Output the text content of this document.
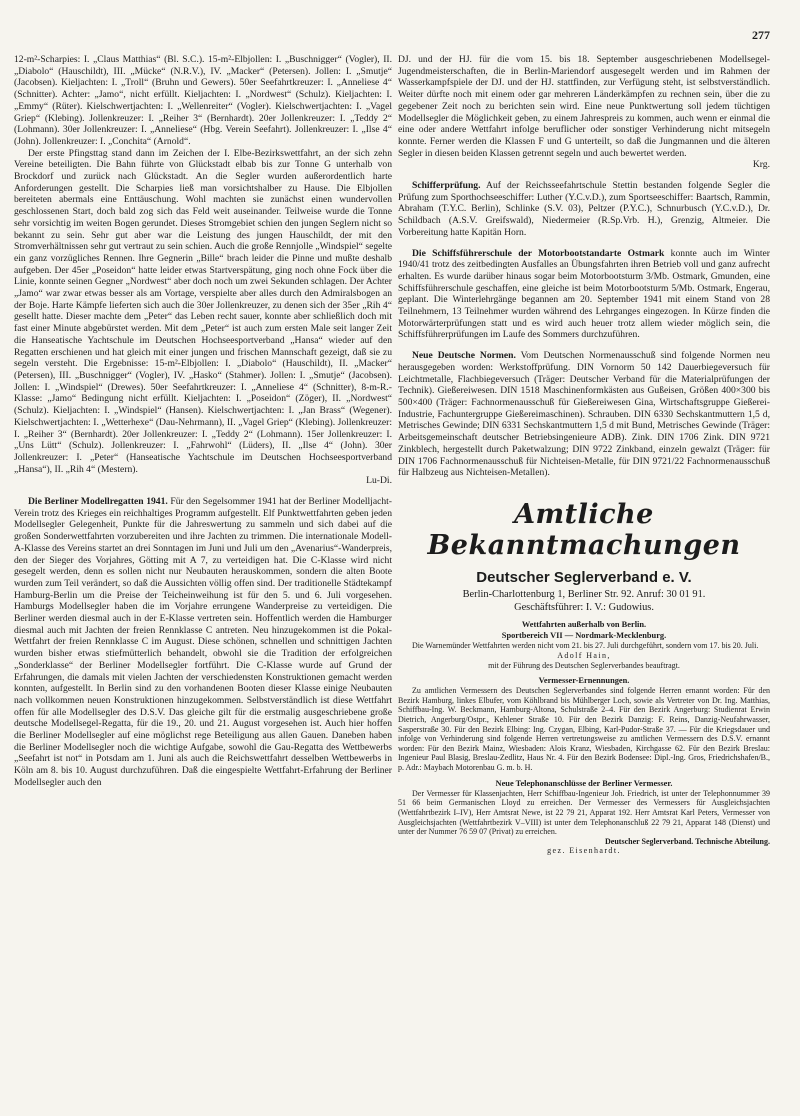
277

12-m²-Scharpies: I. „Claus Matthias“ (Bl. S.C.). 15-m²-Elbjollen: I. „Buschnigger“ (Vogler), II. „Diabolo“ (Hauschildt), III. „Mücke“ (N.R.V.), IV. „Macker“ (Petersen). Jollen: I. „Smutje“ (Jacobsen). Kieljachten: I. „Troll“ (Bruhn und Gewers). 50er Seefahrtkreuzer: I. „Anneliese 4“ (Schnitter). Achter: „Jamo“, nicht erfüllt. Kieljachten: I. „Nordwest“ (Schulz). Kieljachten: I. „Emmy“ (Rüter). Kielschwertjachten: I. „Wellenreiter“ (Vogler). Kielschwertjachten: I. „Vagel Griep“ (Klebing). Jollenkreuzer: I. „Reiher 3“ (Bernhardt). 20er Jollenkreuzer: I. „Teddy 2“ (Lohmann). 30er Jollenkreuzer: I. „Anneliese“ (Hbg. Verein Seefahrt). Jollenkreuzer: I. „Ilse 4“ (John). Jollenkreuzer: I. „Conchita“ (Arnold“.

Der erste Pfingsttag stand dann im Zeichen der I. Elbe-Bezirkswettfahrt, an der sich zehn Vereine beteiligten. Die Bahn führte von Glückstadt elbab bis zur Tonne G unterhalb von Brockdorf und zurück nach Glückstadt. An die Segler wurden außerordentlich harte Anforderungen gestellt. Die Scharpies ließ man vorsichtshalber zu Hause. Die Elbjollen bereiteten abermals eine Enttäuschung. Wohl machten sie zunächst einen wundervollen geschlossenen Start, doch bald zog sich das Feld weit auseinander. Teilweise wurde die Tonne sehr vorsichtig im weiten Bogen gerundet. Dieses Stromgebiet schien den jungen Seglern nicht so bekannt zu sein. Sehr gut aber war die Leistung des jungen Hauschildt, der mit den Stromverhältnissen sehr gut vertraut zu sein schien. Auch die große Rennjolle „Windspiel“ segelte ein ganz vorzügliches Rennen. Ihre Gegnerin „Bille“ brach leider die Pinne und mußte deshalb aufgeben. Der 45er „Poseidon“ hatte leider etwas Startverspätung, ging noch ohne Fock über die Linie, konnte seinen Gegner „Nordwest“ aber doch noch um zwei Sekunden schlagen. Der Achter „Jamo“ war zwar etwas besser als am Vortage, verspielte aber alles durch den Admiralsbogen an der Boje. Harte Kämpfe lieferten sich auch die 30er Jollenkreuzer, zu denen sich der 35er „Rih 4“ gesellt hatte. Dieser machte dem „Peter“ das Leben recht sauer, konnte aber schließlich doch mit fast einer Minute abgebürstet werden. Mit dem „Peter“ ist auch zum ersten Male seit langer Zeit die Hanseatische Yachtschule im Deutschen Hochseesportverband „Hansa“ wieder auf den Regatten erschienen und hat gleich mit einer jungen und frischen Mannschaft gezeigt, daß sie zu segeln versteht. Die Ergebnisse: 15-m²-Elbjollen: I. „Diabolo“ (Hauschildt), II. „Macker“ (Petersen), III. „Buschnigger“ (Vogler), IV. „Hasko“ (Stahmer). Jollen: I. „Smutje“ (Jacobsen). Jollen: I. „Windspiel“ (Drewes). 50er Seefahrtkreuzer: I. „Anneliese 4“ (Schnitter), 8-m-R.-Klasse: „Jamo“ Bedingung nicht erfüllt. Kieljachten: I. „Poseidon“ (Zöger), II. „Nordwest“ (Schulz). Kieljachten: I. „Windspiel“ (Hansen). Kielschwertjachten: I. „Jan Brass“ (Wegener). Kielschwertjachten: I. „Wetterhexe“ (Dau-Nehrmann), II. „Vagel Griep“ (Klebing). Jollenkreuzer: I. „Reiher 3“ (Bernhardt). 20er Jollenkreuzer: I. „Teddy 2“ (Lohmann). 15er Jollenkreuzer: I. „Uns Lütt“ (Schulz). Jollenkreuzer: I. „Fahrwohl“ (Lüders), II. „Ilse 4“ (John). 30er Jollenkreuzer: I. „Peter“ (Hanseatische Yachtschule im Deutschen Hochseesportverband „Hansa“), II. „Rih 4“ (Mestern).

Lu-Di.

Die Berliner Modellregatten 1941. Für den Segelsommer 1941 hat der Berliner Modelljacht-Verein trotz des Krieges ein reichhaltiges Programm aufgestellt. Elf Punktwettfahrten geben jeden Modellsegler Gelegenheit, Punkte für die Jahreswertung zu sammeln und sich dabei auf die großen Sonderwettfahrten vorzubereiten und ihre Jachten zu trimmen. Die internationale Modell-A-Klasse des Vereins startet an drei Sonntagen im Juni und Juli um den „Avenarius“-Wanderpreis, den der Sieger des Vorjahres, Götting mit A 7, zu verteidigen hat. Die C-Klasse wird nicht gesegelt werden, denn es sollen nicht nur Neubauten herauskommen, sondern die alten Boote wurden zum Teil verändert, so daß die Aussichten völlig offen sind. Der traditionelle Städtekampf Hamburg-Berlin um die Preise der Teicheinweihung ist für den 5. und 6. Juli vorgesehen. Hamburgs Modellsegler haben die im Vorjahre errungene Wanderpreise zu verteidigen. Die Berliner werden diesmal auch in der E-Klasse vertreten sein. Hoffentlich werden die Hamburger diesmal auch mit Jachten der freien Rennklasse C antreten. Neu hinzugekommen ist die Pokal-Wettfahrt der freien Rennklasse C im August. Diese schönen, schnellen und schnittigen Jachten wurden bisher etwas stiefmütterlich behandelt, obwohl sie die Tradition der erfolgreichen „Sonderklasse“ der Berliner Modellsegler fortführt. Die C-Klasse wurde auf Grund der Erfahrungen, die damals mit vielen Jachten der verschiedensten Konstruktionen gemacht werden konnten, aufgestellt. In Berlin sind zu den vorhandenen Booten dieser Klasse einige Neubauten nach vollkommen neuen Konstruktionen hinzugekommen. Selbstverständlich ist diese Wettfahrt offen für alle Modellsegler des D.S.V. Das gleiche gilt für die erstmalig ausgeschriebene große deutsche Modellsegel-Regatta, für die 19., 20. und 21. August vorgesehen ist. Auch hier hoffen die Berliner Modellsegler auf eine möglichst rege Beteiligung aus allen Gauen. Daneben haben die Berliner Modellsegler noch die wichtige Aufgabe, sowohl die Gau-Regatta des Wettbewerbs „Seefahrt ist not“ in Potsdam am 1. Juni als auch die Reichswettfahrt desselben Wettbewerbs in Köln am 8. bis 10. August durchzuführen. Daß die eingespielte Wettfahrt-Erfahrung der Berliner Modellsegler auch den

DJ. und der HJ. für die vom 15. bis 18. September ausgeschriebenen Modellsegel-Jugendmeisterschaften, die in Berlin-Mariendorf ausgesegelt werden und im Rahmen der Wasserkampfspiele der DJ. und der HJ. stattfinden, zur Verfügung steht, ist selbstverständlich. Weiter dürfte noch mit einem oder gar mehreren Länderkämpfen zu rechnen sein, über die zu gegebener Zeit noch zu berichten sein wird. Eine neue Punktwertung soll jedem tüchtigen Modellsegler die Möglichkeit geben, zu einem Jahrespreis zu kommen, auch wenn er einmal die eine oder andere Wettfahrt infolge beruflicher oder sonstiger Verhinderung nicht mitsegeln konnte. Ferner werden die Klassen F und G unterteilt, so daß die Jungmannen und die älteren Segler in diesen beiden Klassen getrennt segeln und auch bewertet werden.

Krg.

Schifferprüfung. Auf der Reichsseefahrtschule Stettin bestanden folgende Segler die Prüfung zum Sporthochseeschiffer: Luther (Y.C.v.D.), zum Sportseeschiffer: Baartsch, Rammin, Abraham (T.Y.C. Berlin), Schlinke (S.V. 03), Peltzer (P.Y.C.), Schnurbusch (Y.C.v.D.), Dr. Schildbach (A.S.V. Greifswald), Niedermeier (R.Sp.Vrb. H.), Grenzig, Altmeier. Die Vorbereitung hatte Kapitän Horn.

Die Schiffsführerschule der Motorbootstandarte Ostmark konnte auch im Winter 1940/41 trotz des zeitbedingten Ausfalles an Übungsfahrten ihren Betrieb voll und ganz aufrecht erhalten. Es wurde darüber hinaus sogar beim Motorbootsturm 3/Mb. Ostmark, Gmunden, eine Schiffsführerschule geschaffen, eine gleiche ist beim Motorbootsturm 5/Mb. Ostmark, Engerau, geplant. Die Winterlehrgänge begannen am 20. September 1941 mit einem Stand von 28 Teilnehmern, 13 Teilnehmer wurden während des Lehrganges eingezogen. In Kürze finden die Motorwärterprüfungen statt und es wird auch heuer trotz allem wieder möglich sein, die Schiffsführerprüfungen im Laufe des Sommers durchzuführen.

Neue Deutsche Normen. Vom Deutschen Normenausschuß sind folgende Normen neu herausgegeben worden: Werkstoffprüfung. DIN Vornorm 50 142 Dauerbiegeversuch für Leichtmetalle, Flachbiegeversuch (Träger: Deutscher Verband für die Materialprüfungen der Technik). Gießereiwesen. DIN 1518 Maschinenformkästen aus Gußeisen, Größen 400×300 bis 500×400 (Träger: Fachnormenausschuß für Gießereiwesen Gina, Wirtschaftsgruppe Gießerei-Industrie, Fachuntergruppe Gießereimaschinen). Schrauben. DIN 6330 Sechskantmuttern 1,5 d, Metrisches Gewinde; DIN 6331 Sechskantmuttern 1,5 d mit Bund, Metrisches Gewinde (Träger: Arbeitsgemeinschaft deutscher Betriebsingenieure ADB). Zink. DIN 1706 Zink. DIN 9721 Zinkblech, hergestellt durch Paketwalzung; DIN 9722 Zinkband, einzeln gewalzt (Träger: für DIN 1706 Fachnormenausschuß für Nichteisen-Metalle, für DIN 9721/22 Fachnormenausschuß für Halbzeug aus Nichteisen-Metallen).

Amtliche Bekanntmachungen
Deutscher Seglerverband e. V.

Berlin-Charlottenburg 1, Berliner Str. 92. Anruf: 30 01 91.

Geschäftsführer: I. V.: Gudowius.

Wettfahrten außerhalb von Berlin.

Sportbereich VII — Nordmark-Mecklenburg.

Die Warnemünder Wettfahrten werden nicht vom 21. bis 27. Juli durchgeführt, sondern vom 17. bis 20. Juli.

Adolf Hain,

mit der Führung des Deutschen Seglerverbandes beauftragt.

Vermesser-Ernennungen.

Zu amtlichen Vermessern des Deutschen Seglerverbandes sind folgende Herren ernannt worden: Für den Bezirk Hamburg, linkes Elbufer, vom Köhlbrand bis Mühlberger Loch, sowie als Vertreter von Dr. Ing. Matthias, Schiffbau-Ing. W. Beckmann, Hamburg-Altona, Schulstraße 2–4. Für den Bezirk Angerburg: Studienrat Erwin Dietrich, Angerburg/Ostpr., Kehlener Straße 10. Für den Bezirk Danzig: F. Reins, Danzig-Neufahrwasser, Sasperstraße 30. Für den Bezirk Elbing: Ing. Czygan, Elbing, Karl-Pudor-Straße 37. — Für die Kriegsdauer und infolge von Verhinderung sind folgende Herren vertretungsweise zu amtlichen Vermessern des D.S.V. ernannt worden: Für den Bezirk Mainz, Wiesbaden: Alois Kranz, Wiesbaden, Kirchgasse 62. Für den Bezirk Breslau: Ingenieur Paul Blasig, Breslau-Zedlitz, Haus Nr. 4. Für den Bezirk Bodensee: Dipl.-Ing. Gros, Friedrichshafen/B., p. Adr.: Maybach Motorenbau G. m. b. H.

Neue Telephonanschlüsse der Berliner Vermesser.

Der Vermesser für Klassenjachten, Herr Schiffbau-Ingenieur Joh. Friedrich, ist unter der Telephonnummer 39 51 66 beim Germanischen Lloyd zu erreichen. Der Vermesser des Vermessers für Ausgleichsjachten (Wettfahrtbezirk I–IV), Herr Amtsrat Newe, ist 22 79 21, Apparat 192. Herr Amtsrat Karl Peters, Vermesser von Ausgleichsjachten (Wettfahrtbezirk V–VIII) ist unter dem Telephonanschluß 22 79 21, Apparat 148 (Dienst) und unter der Nummer 76 59 07 (Privat) zu erreichen.

Deutscher Seglerverband. Technische Abteilung.

gez. Eisenhardt.
